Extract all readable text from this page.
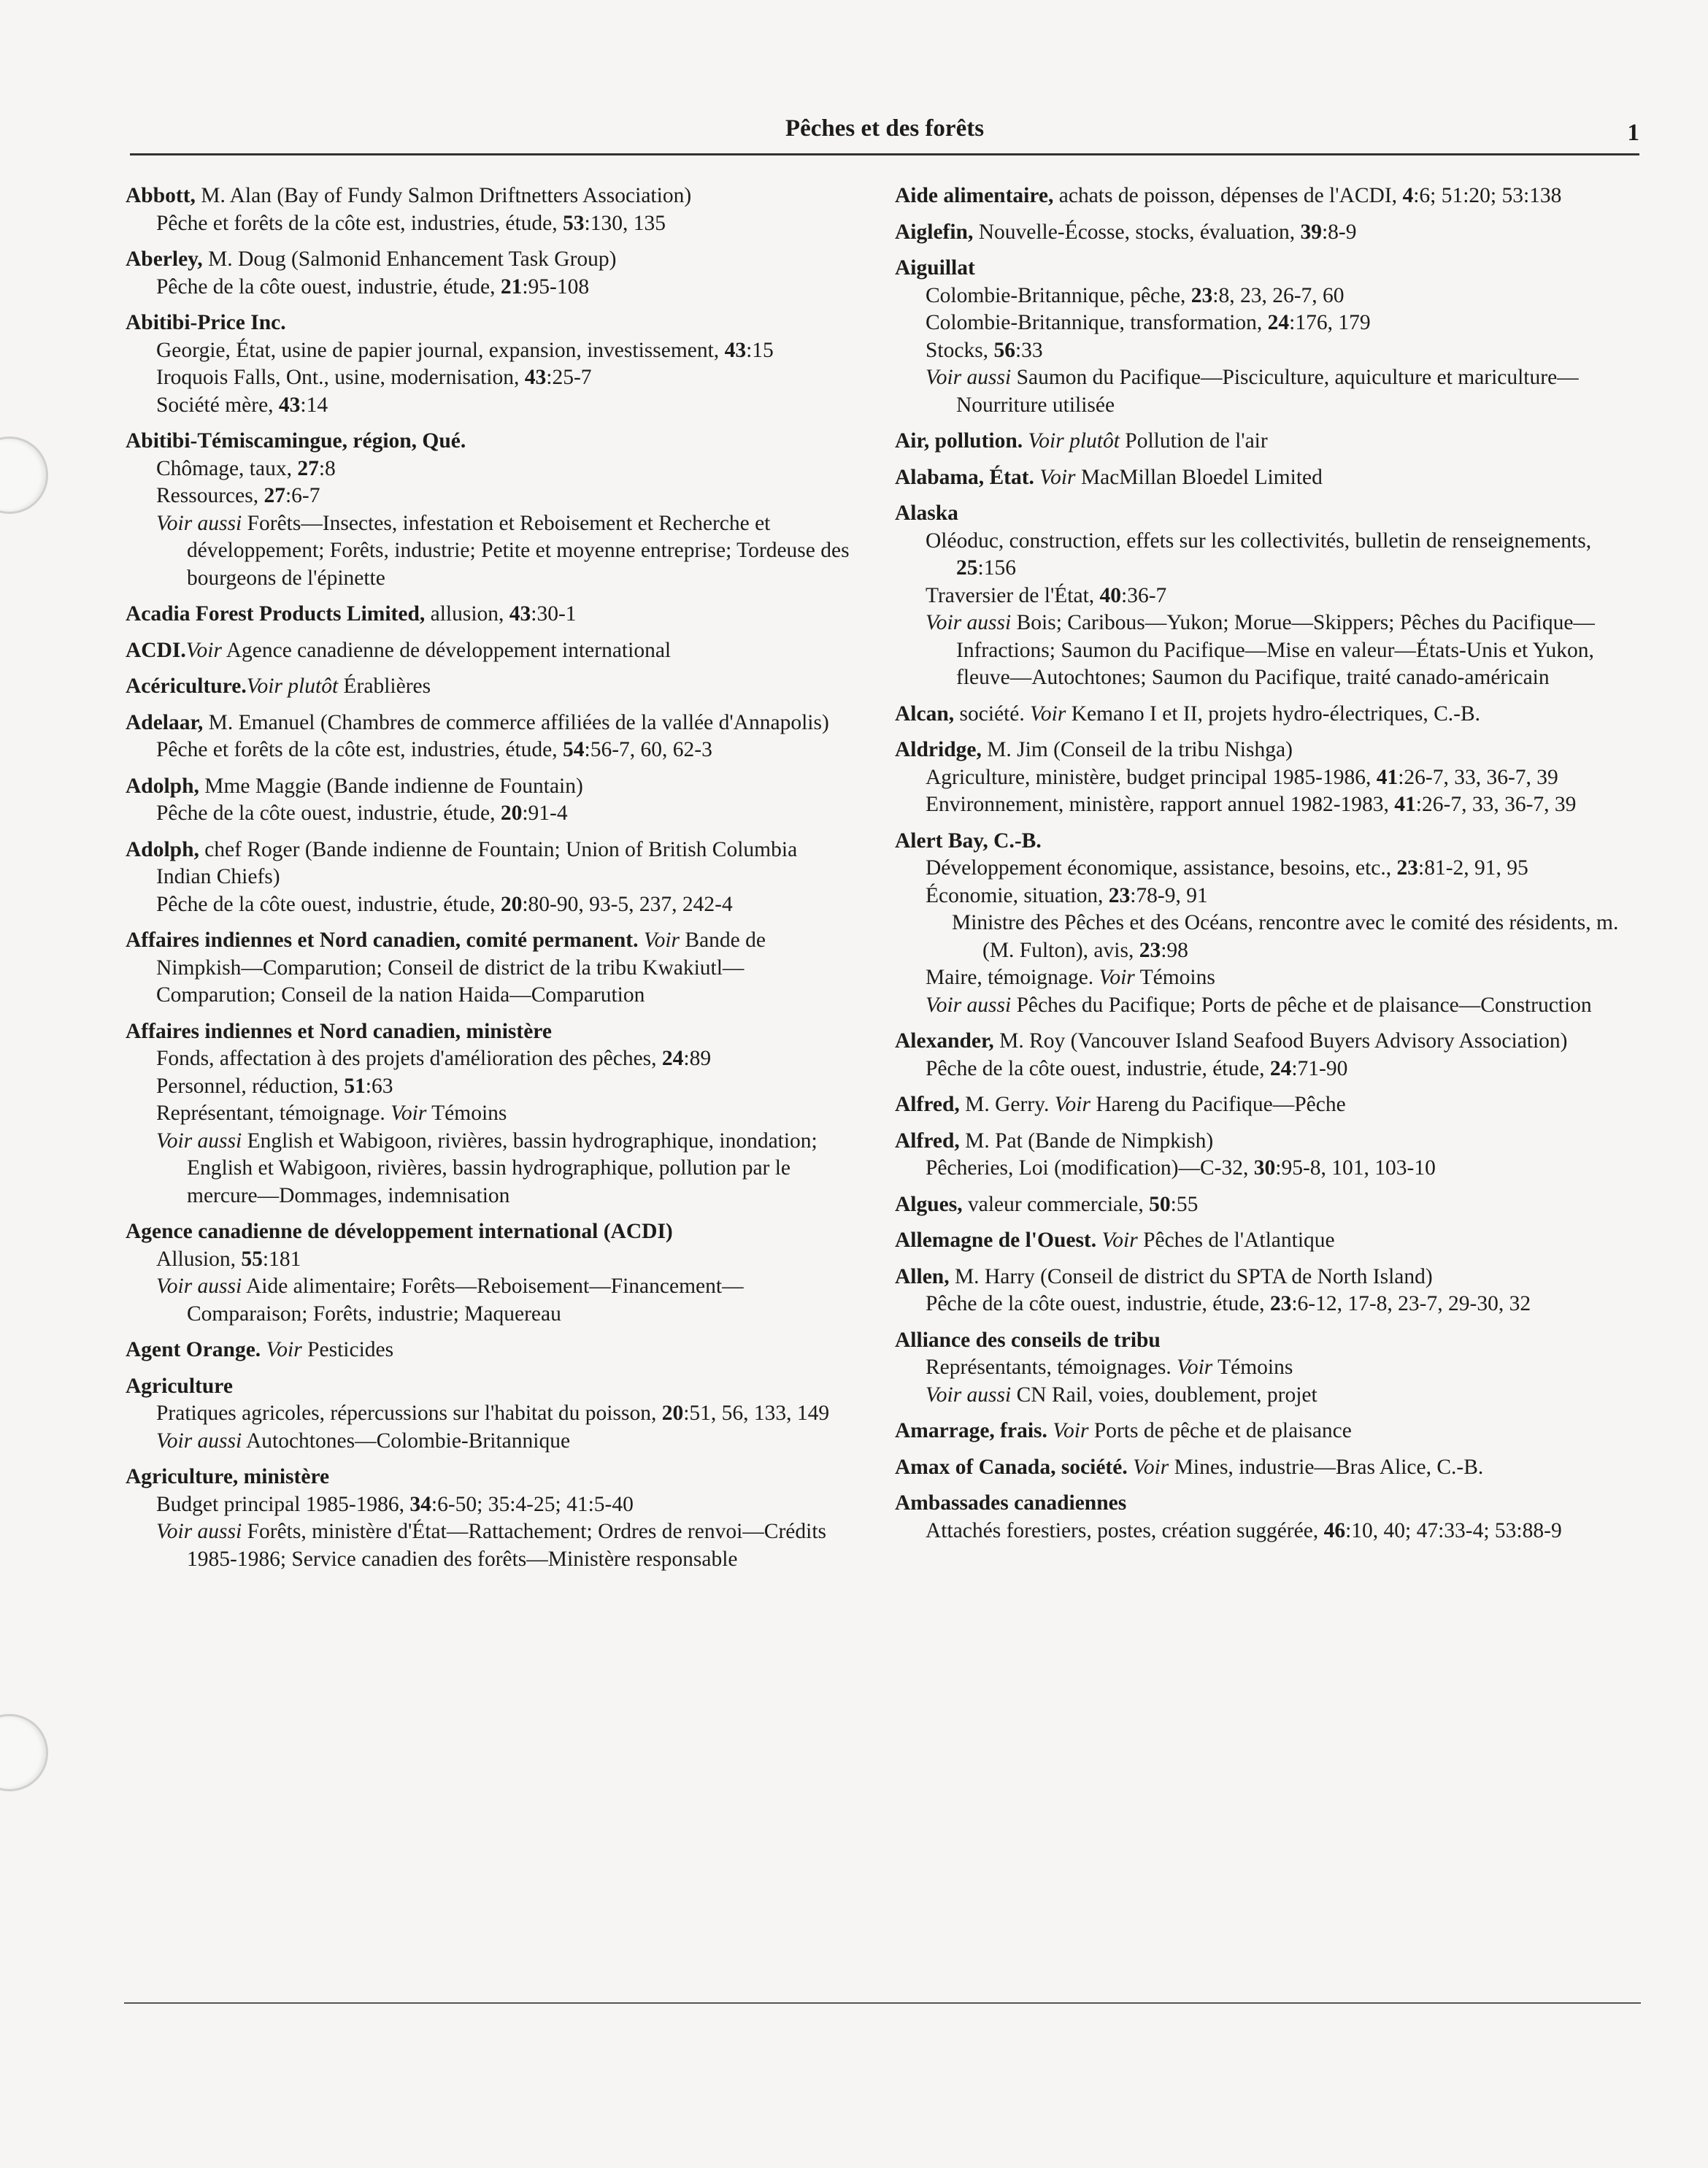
Pêches et des forêts	1
Abbott, M. Alan (Bay of Fundy Salmon Driftnetters Association)
Pêche et forêts de la côte est, industries, étude, 53:130, 135
Aberley, M. Doug (Salmonid Enhancement Task Group)
Pêche de la côte ouest, industrie, étude, 21:95-108
Abitibi-Price Inc.
Georgie, État, usine de papier journal, expansion, investissement, 43:15
Iroquois Falls, Ont., usine, modernisation, 43:25-7
Société mère, 43:14
Abitibi-Témiscamingue, région, Qué.
Chômage, taux, 27:8
Ressources, 27:6-7
Voir aussi Forêts—Insectes, infestation et Reboisement et Recherche et développement; Forêts, industrie; Petite et moyenne entreprise; Tordeuse des bourgeons de l'épinette
Acadia Forest Products Limited, allusion, 43:30-1
ACDI.Voir Agence canadienne de développement international
Acériculture.Voir plutôt Érablières
Adelaar, M. Emanuel (Chambres de commerce affiliées de la vallée d'Annapolis)
Pêche et forêts de la côte est, industries, étude, 54:56-7, 60, 62-3
Adolph, Mme Maggie (Bande indienne de Fountain)
Pêche de la côte ouest, industrie, étude, 20:91-4
Adolph, chef Roger (Bande indienne de Fountain; Union of British Columbia Indian Chiefs)
Pêche de la côte ouest, industrie, étude, 20:80-90, 93-5, 237, 242-4
Affaires indiennes et Nord canadien, comité permanent. Voir Bande de Nimpkish—Comparution; Conseil de district de la tribu Kwakiutl—Comparution; Conseil de la nation Haida—Comparution
Affaires indiennes et Nord canadien, ministère
Fonds, affectation à des projets d'amélioration des pêches, 24:89
Personnel, réduction, 51:63
Représentant, témoignage. Voir Témoins
Voir aussi English et Wabigoon, rivières, bassin hydrographique, inondation; English et Wabigoon, rivières, bassin hydrographique, pollution par le mercure—Dommages, indemnisation
Agence canadienne de développement international (ACDI)
Allusion, 55:181
Voir aussi Aide alimentaire; Forêts—Reboisement—Financement—Comparaison; Forêts, industrie; Maquereau
Agent Orange. Voir Pesticides
Agriculture
Pratiques agricoles, répercussions sur l'habitat du poisson, 20:51, 56, 133, 149
Voir aussi Autochtones—Colombie-Britannique
Agriculture, ministère
Budget principal 1985-1986, 34:6-50; 35:4-25; 41:5-40
Voir aussi Forêts, ministère d'État—Rattachement; Ordres de renvoi—Crédits 1985-1986; Service canadien des forêts—Ministère responsable
Aide alimentaire, achats de poisson, dépenses de l'ACDI, 4:6; 51:20; 53:138
Aiglefin, Nouvelle-Écosse, stocks, évaluation, 39:8-9
Aiguillat
Colombie-Britannique, pêche, 23:8, 23, 26-7, 60
Colombie-Britannique, transformation, 24:176, 179
Stocks, 56:33
Voir aussi Saumon du Pacifique—Pisciculture, aquiculture et mariculture—Nourriture utilisée
Air, pollution. Voir plutôt Pollution de l'air
Alabama, État. Voir MacMillan Bloedel Limited
Alaska
Oléoduc, construction, effets sur les collectivités, bulletin de renseignements, 25:156
Traversier de l'État, 40:36-7
Voir aussi Bois; Caribous—Yukon; Morue—Skippers; Pêches du Pacifique—Infractions; Saumon du Pacifique—Mise en valeur—États-Unis et Yukon, fleuve—Autochtones; Saumon du Pacifique, traité canado-américain
Alcan, société. Voir Kemano I et II, projets hydro-électriques, C.-B.
Aldridge, M. Jim (Conseil de la tribu Nishga)
Agriculture, ministère, budget principal 1985-1986, 41:26-7, 33, 36-7, 39
Environnement, ministère, rapport annuel 1982-1983, 41:26-7, 33, 36-7, 39
Alert Bay, C.-B.
Développement économique, assistance, besoins, etc., 23:81-2, 91, 95
Économie, situation, 23:78-9, 91
Ministre des Pêches et des Océans, rencontre avec le comité des résidents, m. (M. Fulton), avis, 23:98
Maire, témoignage. Voir Témoins
Voir aussi Pêches du Pacifique; Ports de pêche et de plaisance—Construction
Alexander, M. Roy (Vancouver Island Seafood Buyers Advisory Association)
Pêche de la côte ouest, industrie, étude, 24:71-90
Alfred, M. Gerry. Voir Hareng du Pacifique—Pêche
Alfred, M. Pat (Bande de Nimpkish)
Pêcheries, Loi (modification)—C-32, 30:95-8, 101, 103-10
Algues, valeur commerciale, 50:55
Allemagne de l'Ouest. Voir Pêches de l'Atlantique
Allen, M. Harry (Conseil de district du SPTA de North Island)
Pêche de la côte ouest, industrie, étude, 23:6-12, 17-8, 23-7, 29-30, 32
Alliance des conseils de tribu
Représentants, témoignages. Voir Témoins
Voir aussi CN Rail, voies, doublement, projet
Amarrage, frais. Voir Ports de pêche et de plaisance
Amax of Canada, société. Voir Mines, industrie—Bras Alice, C.-B.
Ambassades canadiennes
Attachés forestiers, postes, création suggérée, 46:10, 40; 47:33-4; 53:88-9
